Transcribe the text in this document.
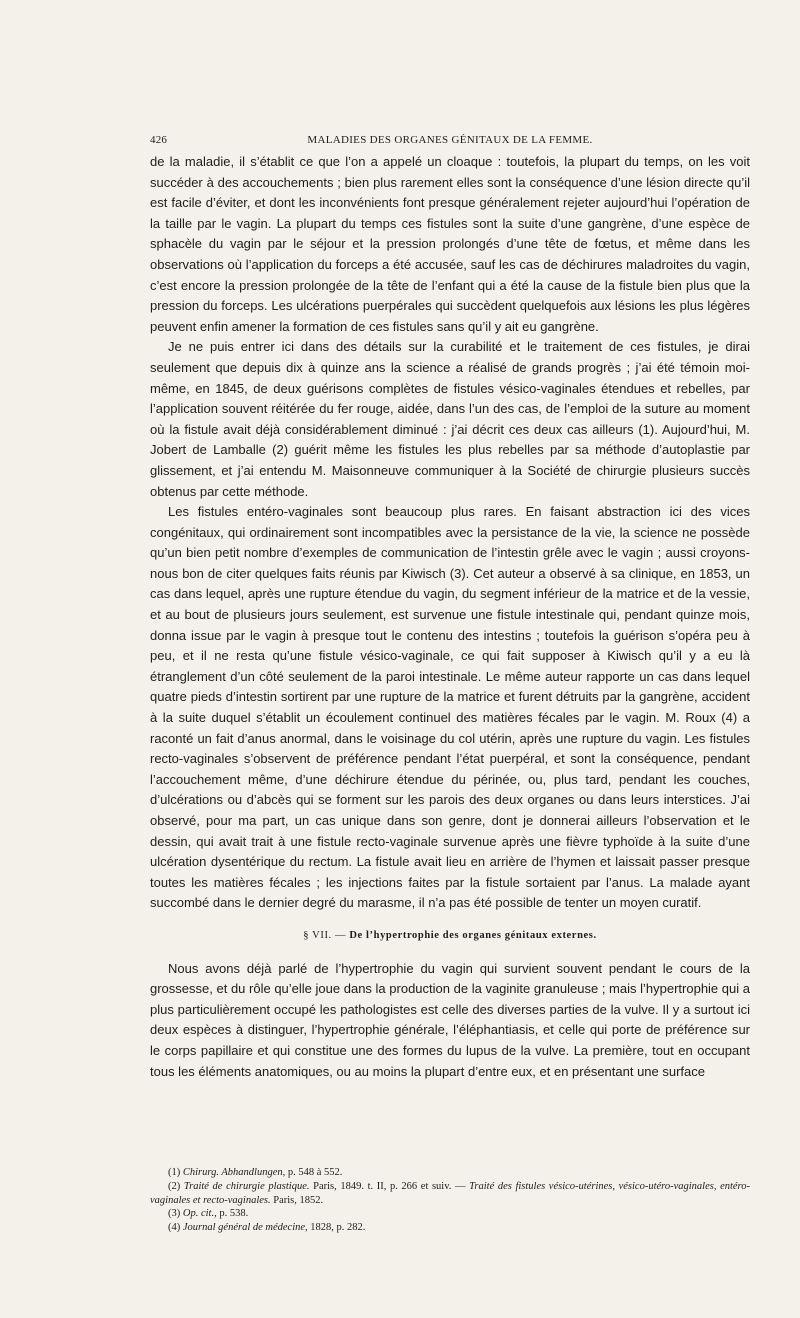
426	MALADIES DES ORGANES GÉNITAUX DE LA FEMME.

de la maladie, il s’établit ce que l’on a appelé un cloaque : toutefois, la plupart du temps, on les voit succéder à des accouchements ; bien plus rarement elles sont la conséquence d’une lésion directe qu’il est facile d’éviter, et dont les inconvénients font presque généralement rejeter aujourd’hui l’opération de la taille par le vagin. La plupart du temps ces fistules sont la suite d’une gangrène, d’une espèce de sphacèle du vagin par le séjour et la pression prolongés d’une tête de fœtus, et même dans les observations où l’application du forceps a été accusée, sauf les cas de déchirures maladroites du vagin, c’est encore la pression prolongée de la tête de l’enfant qui a été la cause de la fistule bien plus que la pression du forceps. Les ulcérations puerpérales qui succèdent quelquefois aux lésions les plus légères peuvent enfin amener la formation de ces fistules sans qu’il y ait eu gangrène.

Je ne puis entrer ici dans des détails sur la curabilité et le traitement de ces fistules, je dirai seulement que depuis dix à quinze ans la science a réalisé de grands progrès ; j’ai été témoin moi-même, en 1845, de deux guérisons complètes de fistules vésico-vaginales étendues et rebelles, par l’application souvent réitérée du fer rouge, aidée, dans l’un des cas, de l’emploi de la suture au moment où la fistule avait déjà considérablement diminué : j’ai décrit ces deux cas ailleurs (1). Aujourd’hui, M. Jobert de Lamballe (2) guérit même les fistules les plus rebelles par sa méthode d’autoplastie par glissement, et j’ai entendu M. Maisonneuve communiquer à la Société de chirurgie plusieurs succès obtenus par cette méthode.

Les fistules entéro-vaginales sont beaucoup plus rares. En faisant abstraction ici des vices congénitaux, qui ordinairement sont incompatibles avec la persistance de la vie, la science ne possède qu’un bien petit nombre d’exemples de communication de l’intestin grêle avec le vagin ; aussi croyons-nous bon de citer quelques faits réunis par Kiwisch (3). Cet auteur a observé à sa clinique, en 1853, un cas dans lequel, après une rupture étendue du vagin, du segment inférieur de la matrice et de la vessie, et au bout de plusieurs jours seulement, est survenue une fistule intestinale qui, pendant quinze mois, donna issue par le vagin à presque tout le contenu des intestins ; toutefois la guérison s’opéra peu à peu, et il ne resta qu’une fistule vésico-vaginale, ce qui fait supposer à Kiwisch qu’il y a eu là étranglement d’un côté seulement de la paroi intestinale. Le même auteur rapporte un cas dans lequel quatre pieds d’intestin sortirent par une rupture de la matrice et furent détruits par la gangrène, accident à la suite duquel s’établit un écoulement continuel des matières fécales par le vagin. M. Roux (4) a raconté un fait d’anus anormal, dans le voisinage du col utérin, après une rupture du vagin. Les fistules recto-vaginales s’observent de préférence pendant l’état puerpéral, et sont la conséquence, pendant l’accouchement même, d’une déchirure étendue du périnée, ou, plus tard, pendant les couches, d’ulcérations ou d’abcès qui se forment sur les parois des deux organes ou dans leurs interstices. J’ai observé, pour ma part, un cas unique dans son genre, dont je donnerai ailleurs l’observation et le dessin, qui avait trait à une fistule recto-vaginale survenue après une fièvre typhoïde à la suite d’une ulcération dysentérique du rectum. La fistule avait lieu en arrière de l’hymen et laissait passer presque toutes les matières fécales ; les injections faites par la fistule sortaient par l’anus. La malade ayant succombé dans le dernier degré du marasme, il n’a pas été possible de tenter un moyen curatif.

§ VII. — De l’hypertrophie des organes génitaux externes.

Nous avons déjà parlé de l’hypertrophie du vagin qui survient souvent pendant le cours de la grossesse, et du rôle qu’elle joue dans la production de la vaginite granuleuse ; mais l’hypertrophie qui a plus particulièrement occupé les pathologistes est celle des diverses parties de la vulve. Il y a surtout ici deux espèces à distinguer, l’hypertrophie générale, l’éléphantiasis, et celle qui porte de préférence sur le corps papillaire et qui constitue une des formes du lupus de la vulve. La première, tout en occupant tous les éléments anatomiques, ou au moins la plupart d’entre eux, et en présentant une surface

(1) Chirurg. Abhandlungen, p. 548 à 552.

(2) Traité de chirurgie plastique. Paris, 1849. t. II, p. 266 et suiv. — Traité des fistules vésico-utérines, vésico-utéro-vaginales, entéro-vaginales et recto-vaginales. Paris, 1852.

(3) Op. cit., p. 538.

(4) Journal général de médecine, 1828, p. 282.
